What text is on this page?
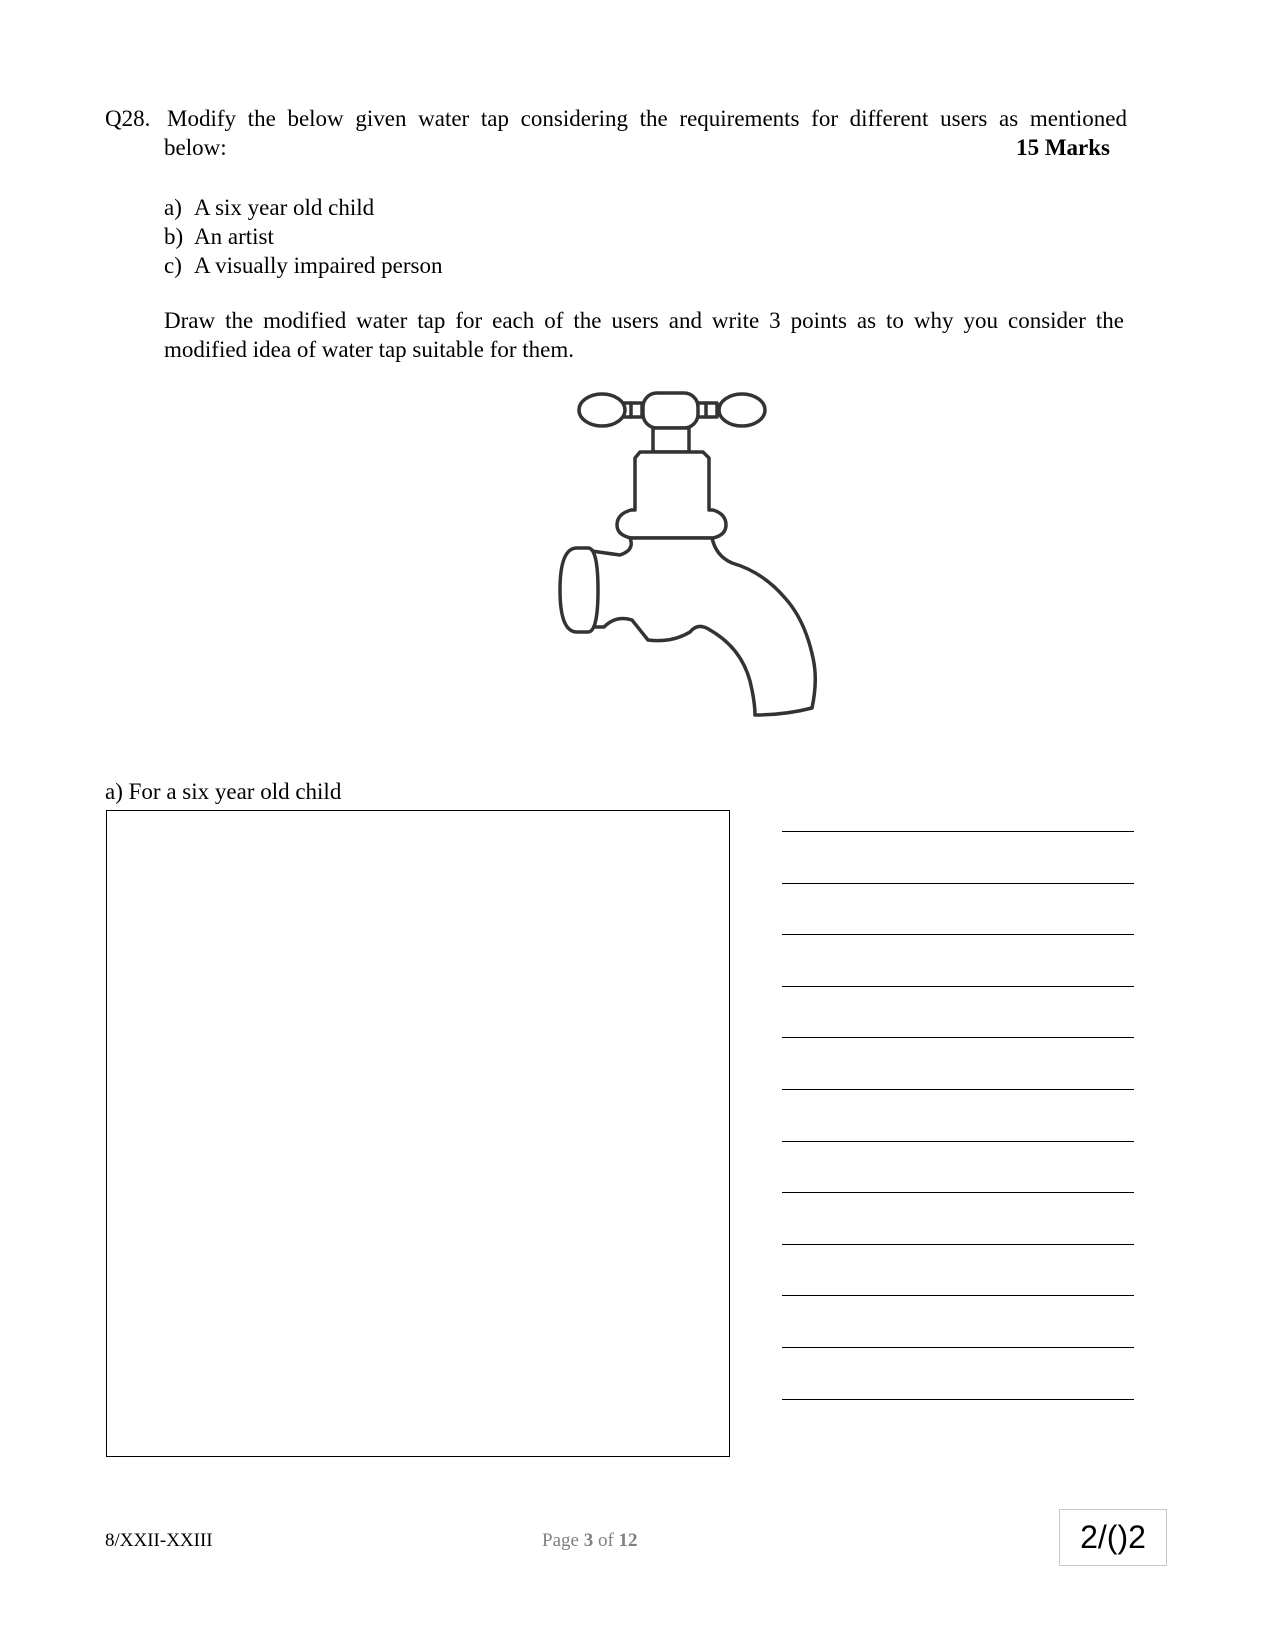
Q28. Modify the below given water tap considering the requirements for different users as mentioned
below:	15 Marks
a) A six year old child
b) An artist
c) A visually impaired person
Draw the modified water tap for each of the users and write 3 points as to why you consider the
modified idea of water tap suitable for them.
a) For a six year old child
8/XXII-XXIII	Page 3 of 12	2/()2
